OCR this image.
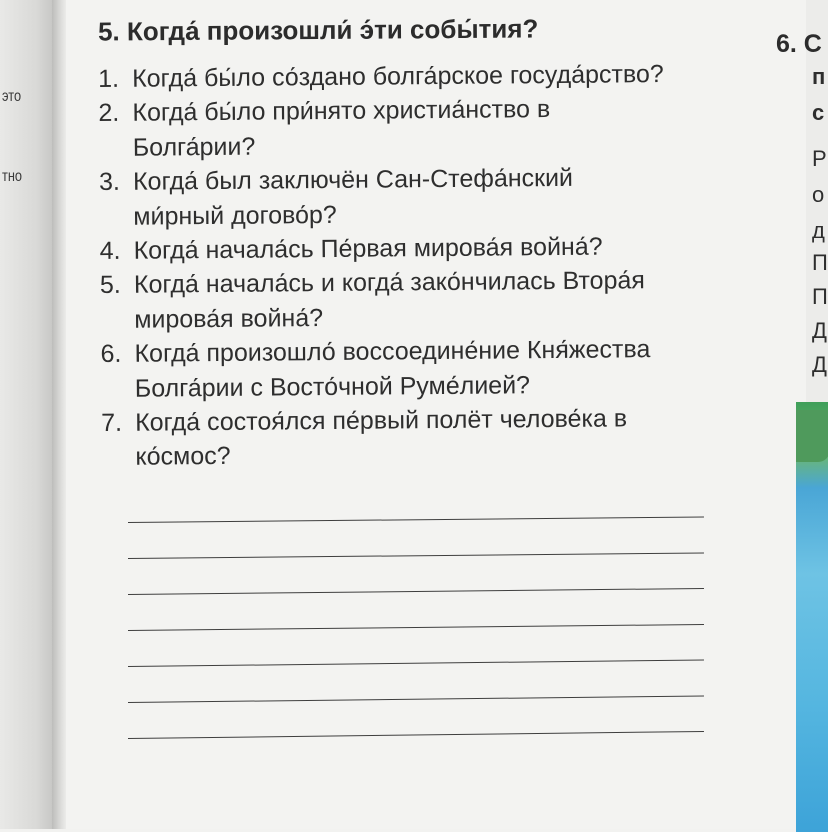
это
тно
5. Когда́ произошли́ э́ти собы́тия?
1. Когда́ бы́ло со́здано болга́рское госуда́рство?
2. Когда́ бы́ло при́нято христиа́нство в Болга́рии?
3. Когда́ был заключён Сан-Стефа́нский ми́рный догово́р?
4. Когда́ начала́сь Пе́рвая мирова́я война́?
5. Когда́ начала́сь и когда́ зако́нчилась Втора́я мирова́я война́?
6. Когда́ произошло́ воссоедине́ние Кня́жества Болга́рии с Восто́чной Руме́лией?
7. Когда́ состоя́лся пе́рвый полёт челове́ка в ко́смос?
6. С
п
с
Р
о
д
П
П
Д
Д
